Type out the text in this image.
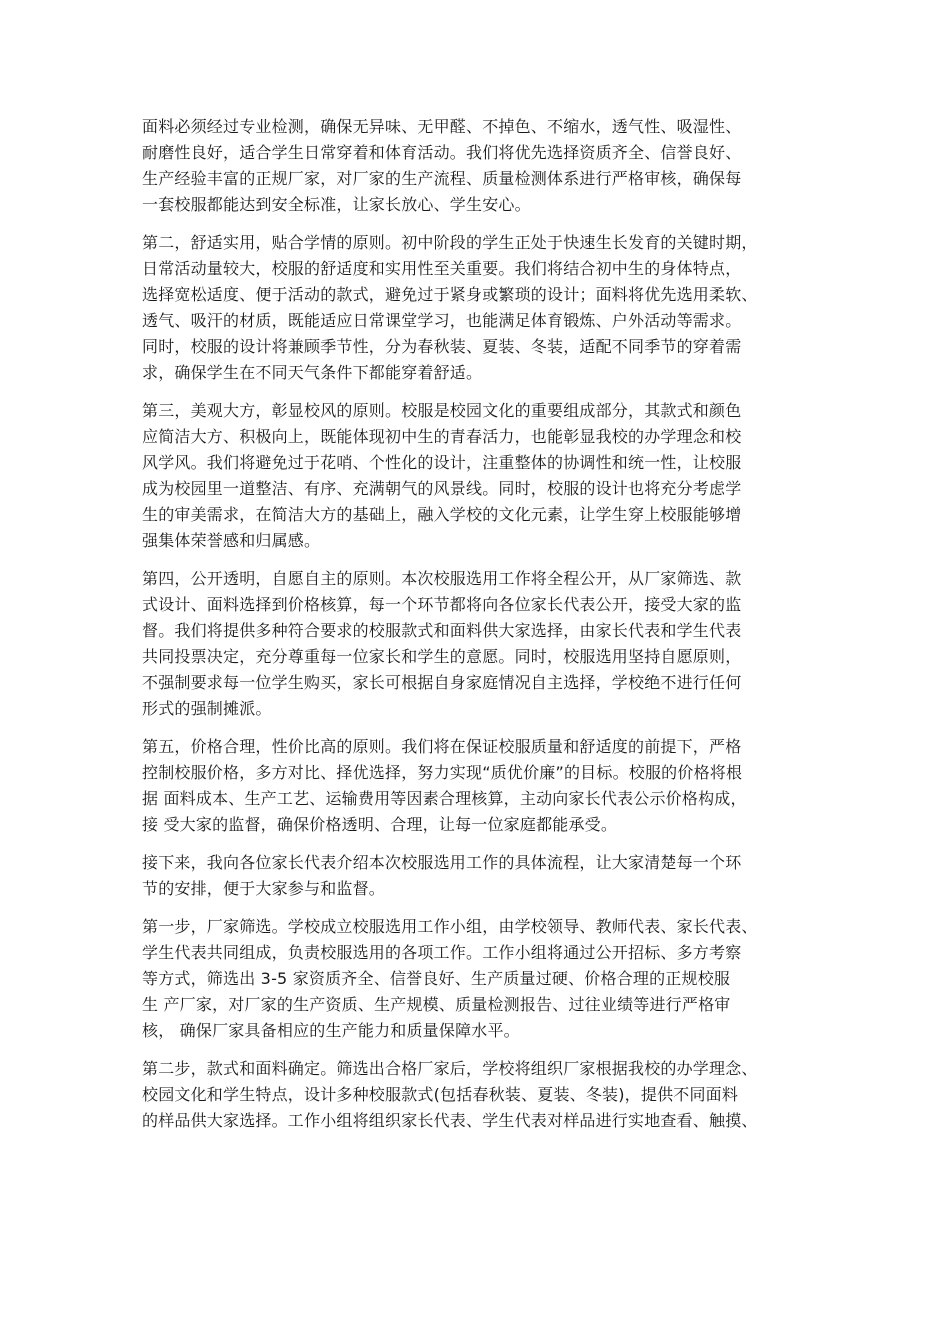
面料必须经过专业检测，确保无异味、无甲醛、不掉色、不缩水，透气性、吸湿性、
耐磨性良好，适合学生日常穿着和体育活动。我们将优先选择资质齐全、信誉良好、
生产经验丰富的正规厂家，对厂家的生产流程、质量检测体系进行严格审核，确保每
一套校服都能达到安全标准，让家长放心、学生安心。
第二，舒适实用，贴合学情的原则。初中阶段的学生正处于快速生长发育的关键时期，
日常活动量较大，校服的舒适度和实用性至关重要。我们将结合初中生的身体特点，
选择宽松适度、便于活动的款式，避免过于紧身或繁琐的设计；面料将优先选用柔软、
透气、吸汗的材质，既能适应日常课堂学习，也能满足体育锻炼、户外活动等需求。
同时，校服的设计将兼顾季节性，分为春秋装、夏装、冬装，适配不同季节的穿着需
求，确保学生在不同天气条件下都能穿着舒适。
第三，美观大方，彰显校风的原则。校服是校园文化的重要组成部分，其款式和颜色
应简洁大方、积极向上，既能体现初中生的青春活力，也能彰显我校的办学理念和校
风学风。我们将避免过于花哨、个性化的设计，注重整体的协调性和统一性，让校服
成为校园里一道整洁、有序、充满朝气的风景线。同时，校服的设计也将充分考虑学
生的审美需求，在简洁大方的基础上，融入学校的文化元素，让学生穿上校服能够增
强集体荣誉感和归属感。
第四，公开透明，自愿自主的原则。本次校服选用工作将全程公开，从厂家筛选、款
式设计、面料选择到价格核算，每一个环节都将向各位家长代表公开，接受大家的监
督。我们将提供多种符合要求的校服款式和面料供大家选择，由家长代表和学生代表
共同投票决定，充分尊重每一位家长和学生的意愿。同时，校服选用坚持自愿原则，
不强制要求每一位学生购买，家长可根据自身家庭情况自主选择，学校绝不进行任何
形式的强制摊派。
第五，价格合理，性价比高的原则。我们将在保证校服质量和舒适度的前提下，严格
控制校服价格，多方对比、择优选择，努力实现“质优价廉”的目标。校服的价格将根
据 面料成本、生产工艺、运输费用等因素合理核算，主动向家长代表公示价格构成，
接 受大家的监督，确保价格透明、合理，让每一位家庭都能承受。
接下来，我向各位家长代表介绍本次校服选用工作的具体流程，让大家清楚每一个环
节的安排，便于大家参与和监督。
第一步，厂家筛选。学校成立校服选用工作小组，由学校领导、教师代表、家长代表、
学生代表共同组成，负责校服选用的各项工作。工作小组将通过公开招标、多方考察
等方式，筛选出 3-5 家资质齐全、信誉良好、生产质量过硬、价格合理的正规校服
生 产厂家，对厂家的生产资质、生产规模、质量检测报告、过往业绩等进行严格审
核， 确保厂家具备相应的生产能力和质量保障水平。
第二步，款式和面料确定。筛选出合格厂家后，学校将组织厂家根据我校的办学理念、
校园文化和学生特点，设计多种校服款式(包括春秋装、夏装、冬装)，提供不同面料
的样品供大家选择。工作小组将组织家长代表、学生代表对样品进行实地查看、触摸、
